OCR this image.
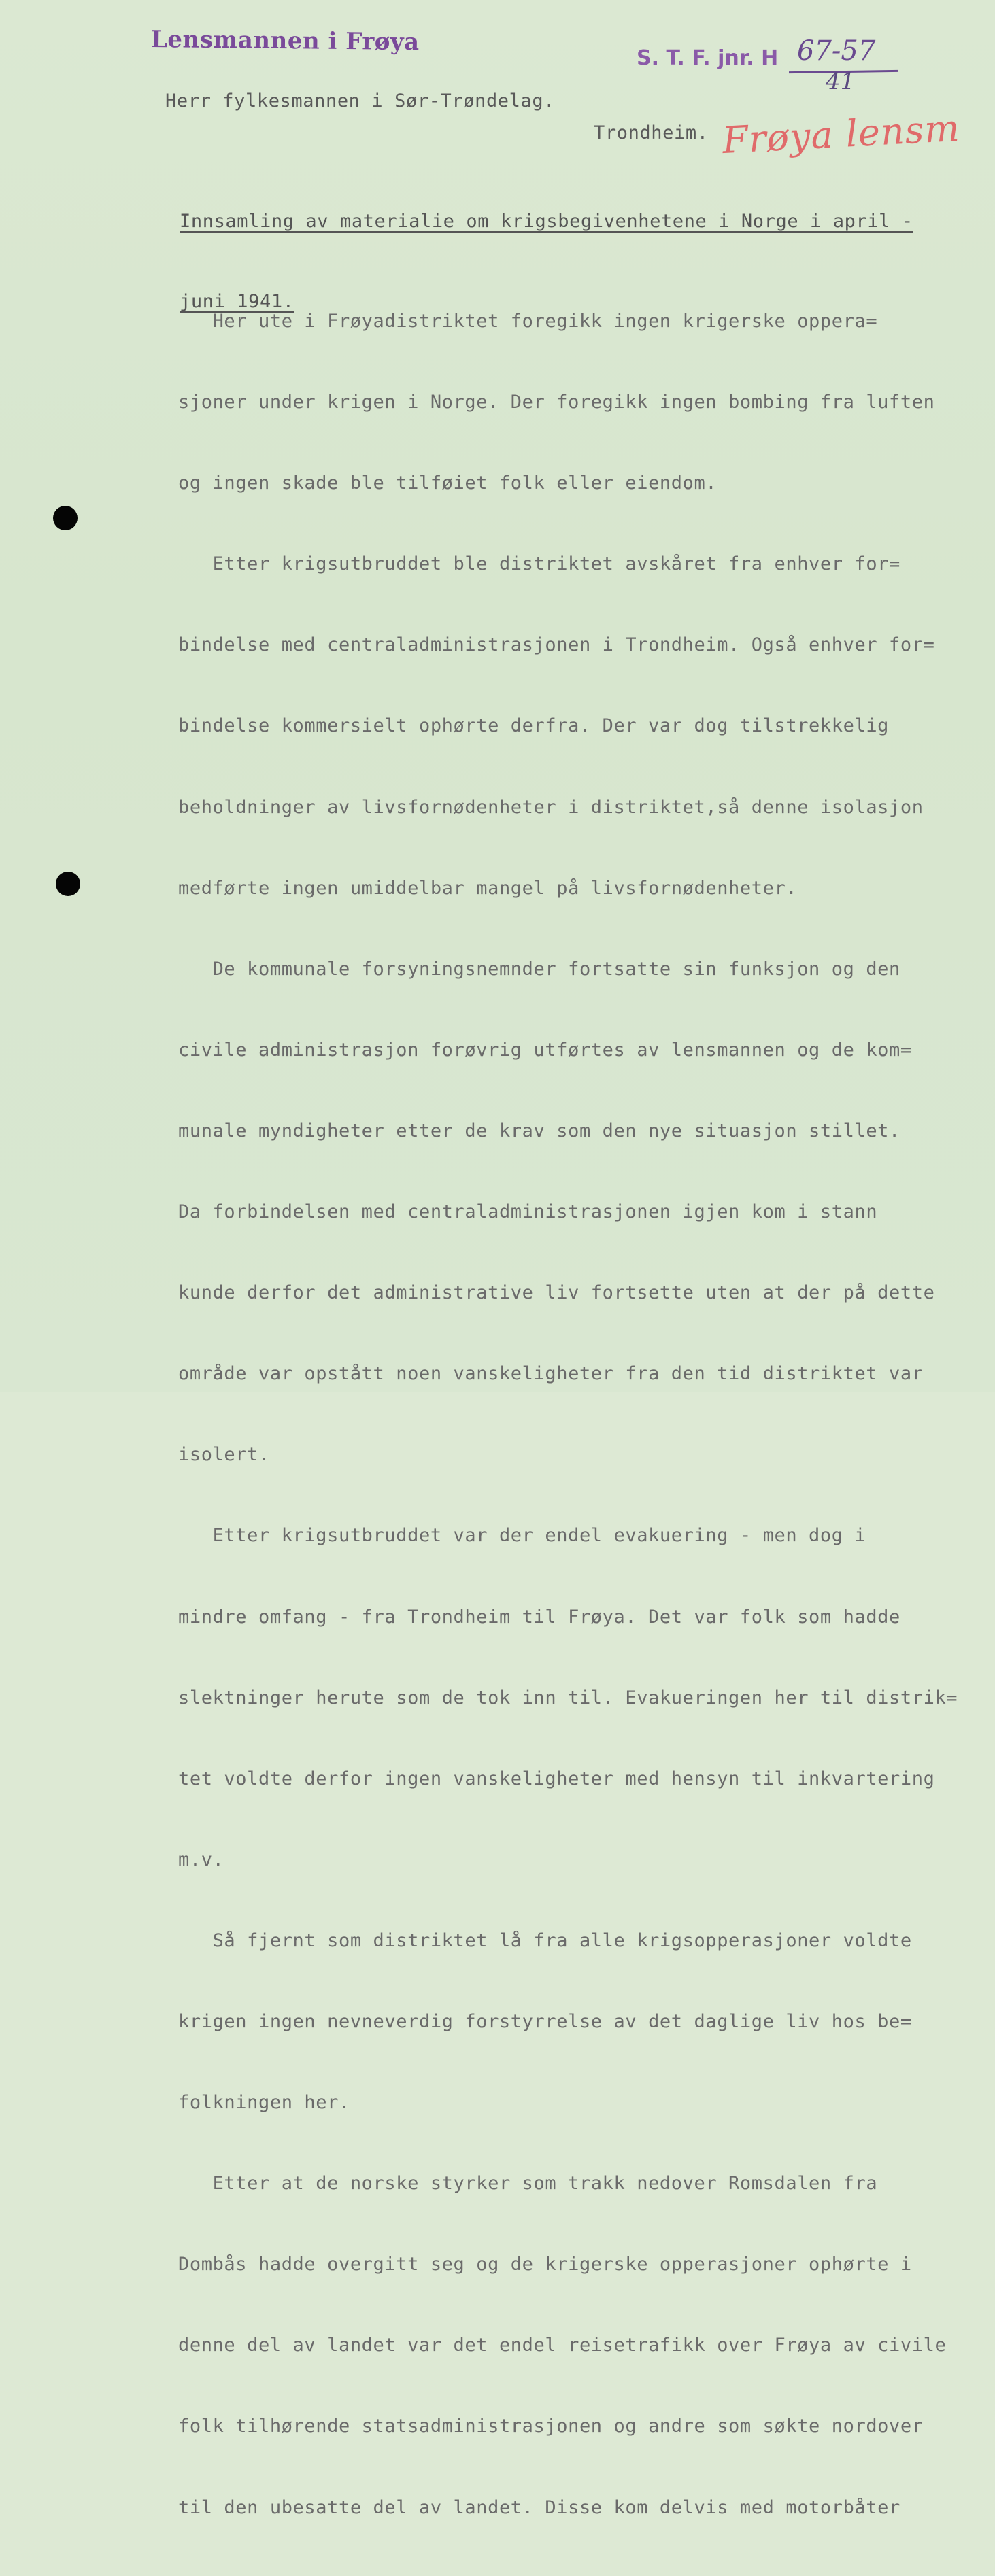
Lensmannen i Frøya
S. T. F. jnr. H 67-57
41
Herr fylkesmannen i Sør-Trøndelag.
Trondheim. Frøya lensm

Innsamling av materialie om krigsbegivenhetene i Norge i april -

juni 1941.

Her ute i Frøyadistriktet foregikk ingen krigerske oppera=

sjoner under krigen i Norge. Der foregikk ingen bombing fra luften

og ingen skade ble tilføiet folk eller eiendom.

Etter krigsutbruddet ble distriktet avskåret fra enhver for=

bindelse med centraladministrasjonen i Trondheim. Også enhver for=

bindelse kommersielt ophørte derfra. Der var dog tilstrekkelig

beholdninger av livsfornødenheter i distriktet,så denne isolasjon

medførte ingen umiddelbar mangel på livsfornødenheter.

De kommunale forsyningsnemnder fortsatte sin funksjon og den

civile administrasjon forøvrig utførtes av lensmannen og de kom=

munale myndigheter etter de krav som den nye situasjon stillet.

Da forbindelsen med centraladministrasjonen igjen kom i stann

kunde derfor det administrative liv fortsette uten at der på dette

område var opstått noen vanskeligheter fra den tid distriktet var

isolert.

Etter krigsutbruddet var der endel evakuering - men dog i

mindre omfang - fra Trondheim til Frøya. Det var folk som hadde

slektninger herute som de tok inn til. Evakueringen her til distrik=

tet voldte derfor ingen vanskeligheter med hensyn til inkvartering

m.v.

Så fjernt som distriktet lå fra alle krigsopperasjoner voldte

krigen ingen nevneverdig forstyrrelse av det daglige liv hos be=

folkningen her.

Etter at de norske styrker som trakk nedover Romsdalen fra

Dombås hadde overgitt seg og de krigerske opperasjoner ophørte i

denne del av landet var det endel reisetrafikk over Frøya av civile

folk tilhørende statsadministrasjonen og andre som søkte nordover

til den ubesatte del av landet. Disse kom delvis med motorbåter
